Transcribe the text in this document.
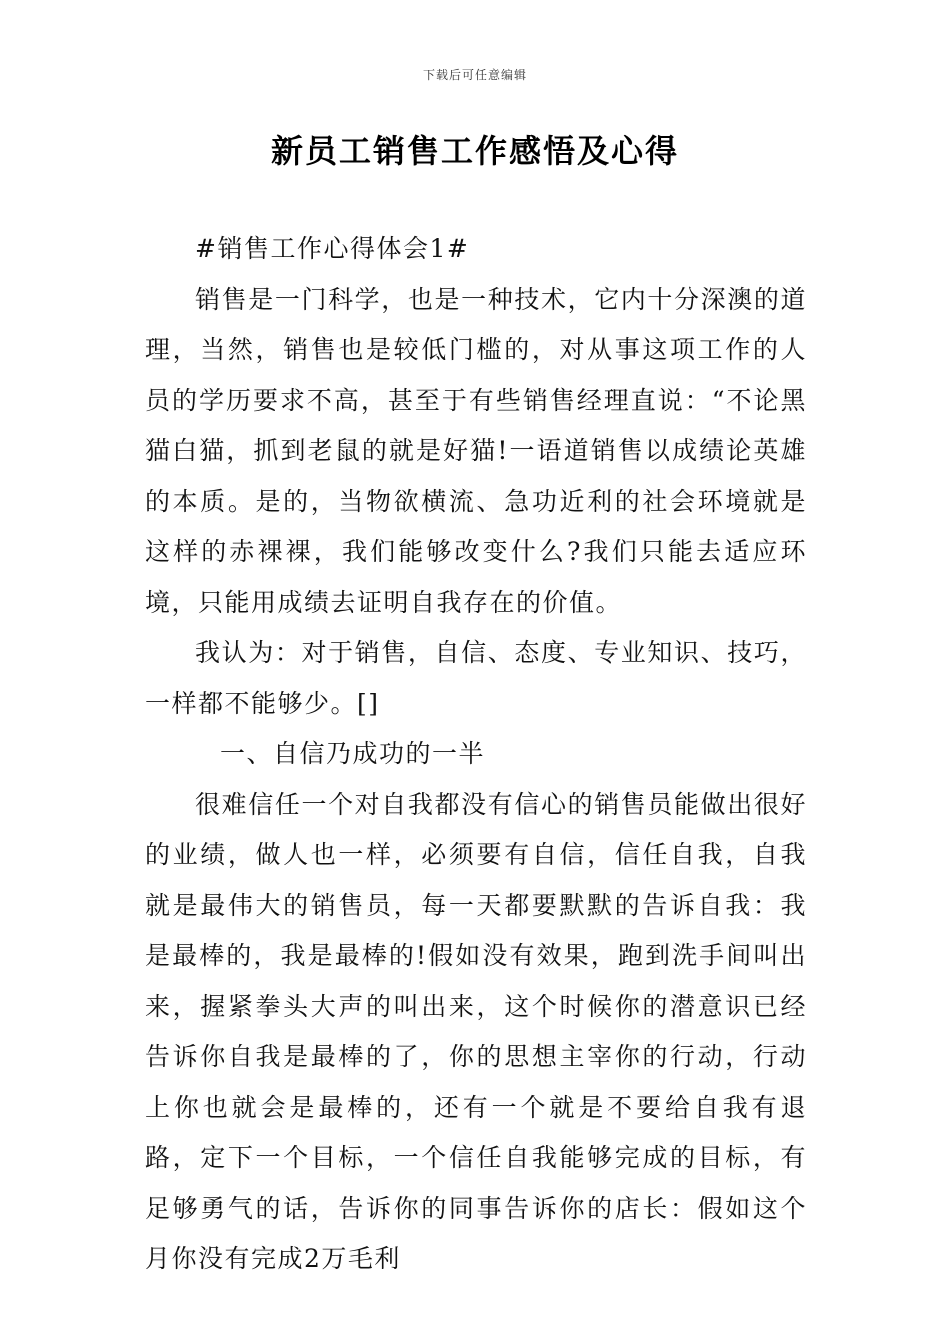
下载后可任意编辑
新员工销售工作感悟及心得

#销售工作心得体会1#

销售是一门科学，也是一种技术，它内十分深澳的道理，当然，销售也是较低门槛的，对从事这项工作的人员的学历要求不高，甚至于有些销售经理直说：“不论黑猫白猫，抓到老鼠的就是好猫!一语道销售以成绩论英雄的本质。是的，当物欲横流、急功近利的社会环境就是这样的赤裸裸，我们能够改变什么?我们只能去适应环境，只能用成绩去证明自我存在的价值。

我认为：对于销售，自信、态度、专业知识、技巧，一样都不能够少。[]

一、自信乃成功的一半

很难信任一个对自我都没有信心的销售员能做出很好的业绩，做人也一样，必须要有自信，信任自我，自我就是最伟大的销售员，每一天都要默默的告诉自我：我是最棒的，我是最棒的!假如没有效果，跑到洗手间叫出来，握紧拳头大声的叫出来，这个时候你的潜意识已经告诉你自我是最棒的了，你的思想主宰你的行动，行动上你也就会是最棒的，还有一个就是不要给自我有退路，定下一个目标，一个信任自我能够完成的目标，有足够勇气的话，告诉你的同事告诉你的店长：假如这个月你没有完成2万毛利
